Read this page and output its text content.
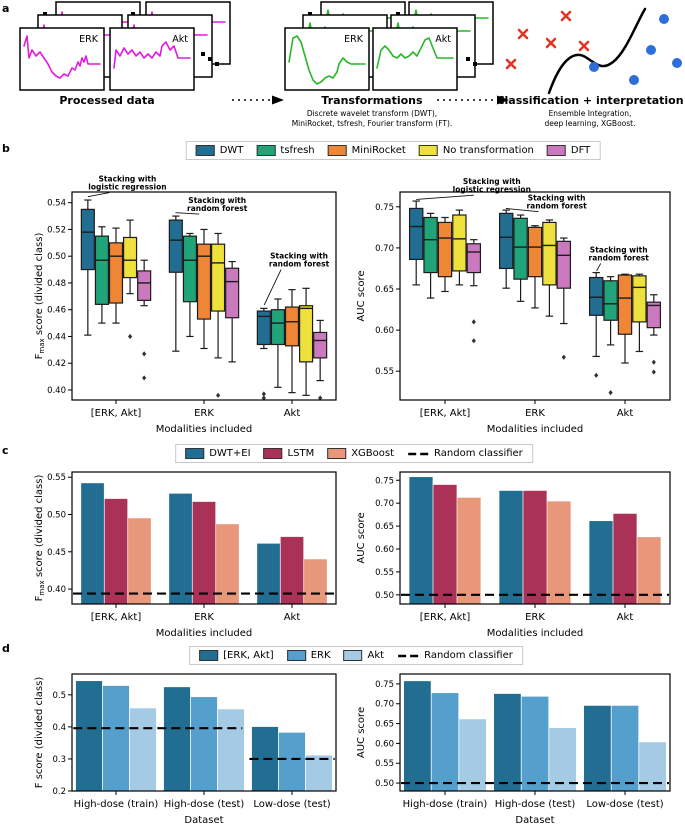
a
b
c
d
ERK	Akt
Processed data
ERK	Akt
Transformations
Discrete wavelet transform (DWT),
MiniRocket, tsfresh, Fourier transform (FT).
Classification + interpretation
Ensemble Integration,
deep learning, XGBoost.
DWT	tsfresh	MiniRocket	No transformation	DFT
0.40
0.42
0.44
0.46
0.48
0.50
0.52
0.54
[ERK, Akt]	ERK	Akt
Modalities included
$F_{max}$ score (divided class)
Stacking with
logistic regression
Stacking with
random forest
Stacking with
random forest
0.55
0.60
0.65
0.70
0.75
[ERK, Akt]	ERK	Akt
Modalities included
AUC score
Stacking with
logistic regression
Stacking with
random forest
Stacking with
random forest
DWT+EI	LSTM	XGBoost	Random classifier
0.40
0.45
0.50
0.55
[ERK, Akt]	ERK	Akt
Modalities included
$F_{max}$ score (divided class)
0.50
0.55
0.60
0.65
0.70
0.75
[ERK, Akt]	ERK	Akt
Modalities included
AUC score
[ERK, Akt]	ERK	Akt	Random classifier
0.2
0.3
0.4
0.5
High-dose (train) High-dose (test) Low-dose (test)
Dataset
F score (divided class)	0.50
0.55
0.60
0.65
0.70
0.75
High-dose (train) High-dose (test) Low-dose (test)
Dataset
AUC score
